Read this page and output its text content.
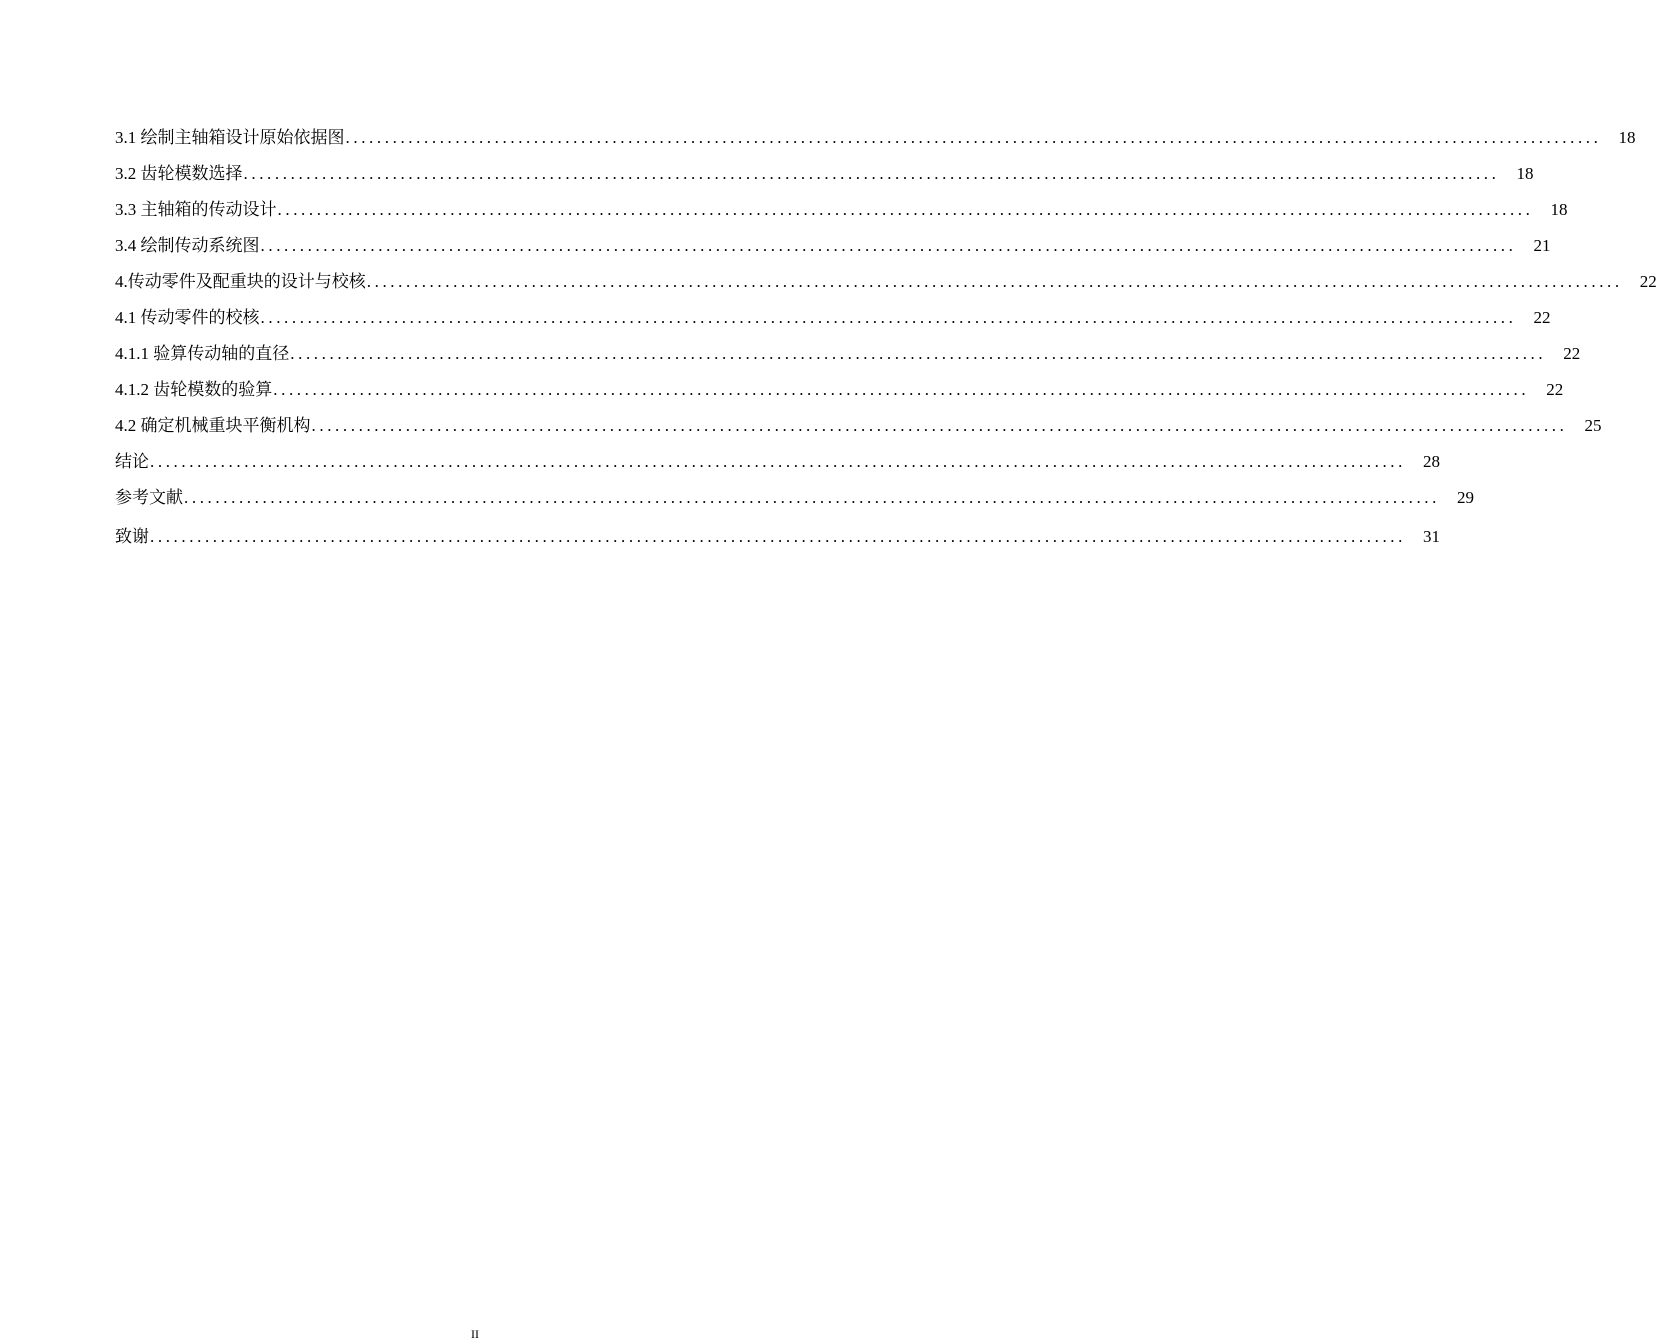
3.1 绘制主轴箱设计原始依据图 ................................................................................................................................................................	18
3.2 齿轮模数选择 ................................................................................................................................................................	18
3.3 主轴箱的传动设计 ................................................................................................................................................................	18
3.4 绘制传动系统图 ................................................................................................................................................................	21
4.传动零件及配重块的设计与校核 ................................................................................................................................................................	22
4.1 传动零件的校核 ................................................................................................................................................................	22
4.1.1 验算传动轴的直径 ................................................................................................................................................................	22
4.1.2 齿轮模数的验算 ................................................................................................................................................................	22
4.2 确定机械重块平衡机构 ................................................................................................................................................................	25
结论 ................................................................................................................................................................	28
参考文献 ................................................................................................................................................................	29
致谢 ................................................................................................................................................................	31
II
